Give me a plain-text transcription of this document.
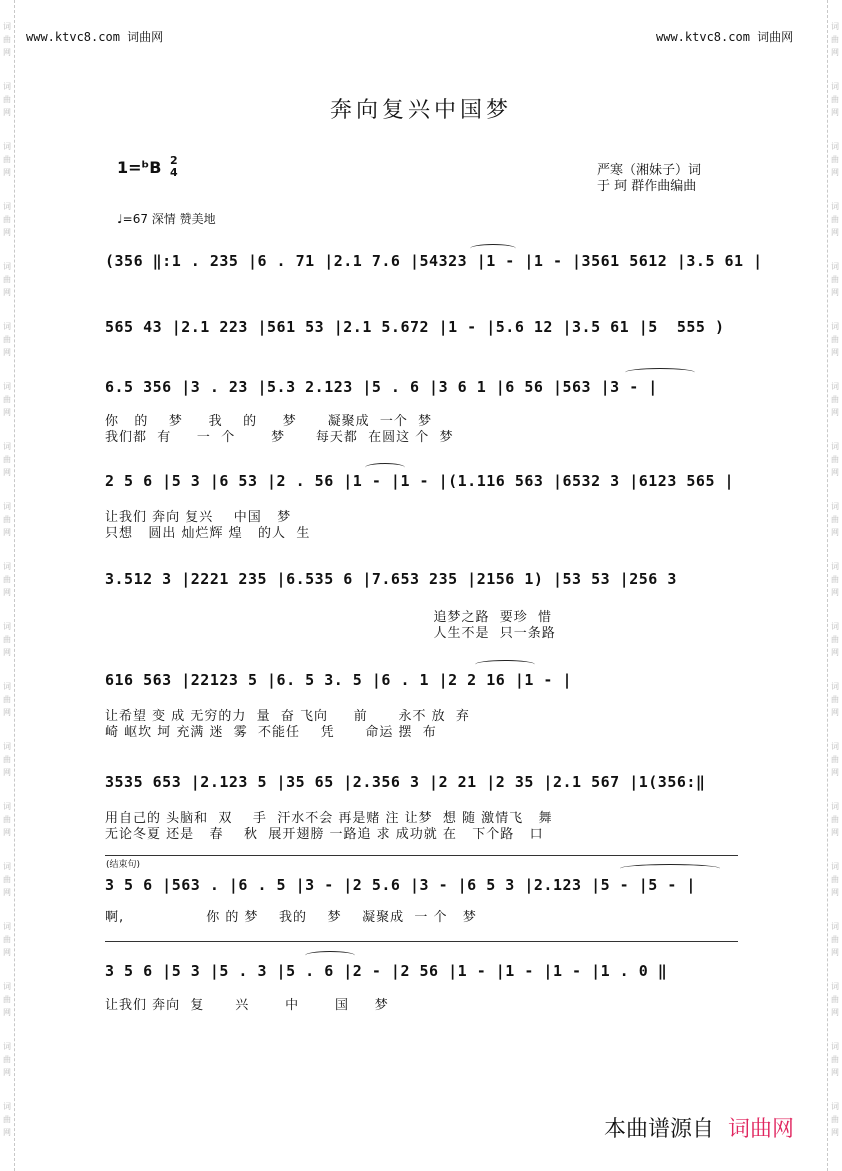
词
曲
网
词
曲
网
词
曲
网
词
曲
网
词
曲
网
词
曲
网
词
曲
网
词
曲
网
词
曲
网
词
曲
网
词
曲
网
词
曲
网
词
曲
网
词
曲
网
词
曲
网
词
曲
网
词
曲
网
词
曲
网
词
曲
网
词
曲
网
词
曲
网
词
曲
网
词
曲
网
词
曲
网
词
曲
网
词
曲
网
词
曲
网
词
曲
网
词
曲
网
词
曲
网
词
曲
网
词
曲
网
词
曲
网
词
曲
网
词
曲
网
词
曲
网
词
曲
网
词
曲
网
www.ktvc8.com 词曲网	www.ktvc8.com 词曲网
奔向复兴中国梦
1=ᵇB 2
4	严寒（湘妹子）词
于 珂 群作曲编曲
♩=67 深情 赞美地
(356 ‖:1 . 235 |6 . 71 |2.1 7.6 |54323 |1 - |1 - |3561 5612 |3.5 61 |
565 43 |2.1 223 |561 53 |2.1 5.672 |1 - |5.6 12 |3.5 61 |5  555 )
6.5 356 |3 . 23 |5.3 2.123 |5 . 6 |3 6 1 |6 56 |563 |3 - |
你   的    梦     我    的     梦      凝聚成  一个  梦
我们都  有     一  个       梦      每天都  在圆这 个  梦
2 5 6 |5 3 |6 53 |2 . 56 |1 - |1 - |(1.116 563 |6532 3 |6123 565 |
让我们 奔向 复兴    中国   梦
只想   圆出 灿烂辉 煌   的人  生
3.512 3 |2221 235 |6.535 6 |7.653 235 |2156 1) |53 53 |256 3
追梦之路  要珍  惜
人生不是  只一条路
616 563 |22123 5 |6. 5 3. 5 |6 . 1 |2 2 16 |1 - |
让希望 变 成 无穷的力  量  奋 飞向     前      永不 放  弃
崎 岖坎 坷 充满 迷  雾  不能任    凭      命运 摆  布
3535 653 |2.123 5 |35 65 |2.356 3 |2 21 |2 35 |2.1 567 |1(356:‖
用自己的 头脑和  双    手  汗水不会 再是赌 注 让梦  想 随 激情飞   舞
无论冬夏 还是   春    秋  展开翅膀 一路追 求 成功就 在   下个路   口
(结束句)
3 5 6 |563 . |6 . 5 |3 - |2 5.6 |3 - |6 5 3 |2.123 |5 - |5 - |
啊,                你 的 梦    我的    梦    凝聚成  一 个   梦
3 5 6 |5 3 |5 . 3 |5 . 6 |2 - |2 56 |1 - |1 - |1 - |1 . 0 ‖
让我们 奔向  复      兴       中       国     梦
本曲谱源自 词曲网
